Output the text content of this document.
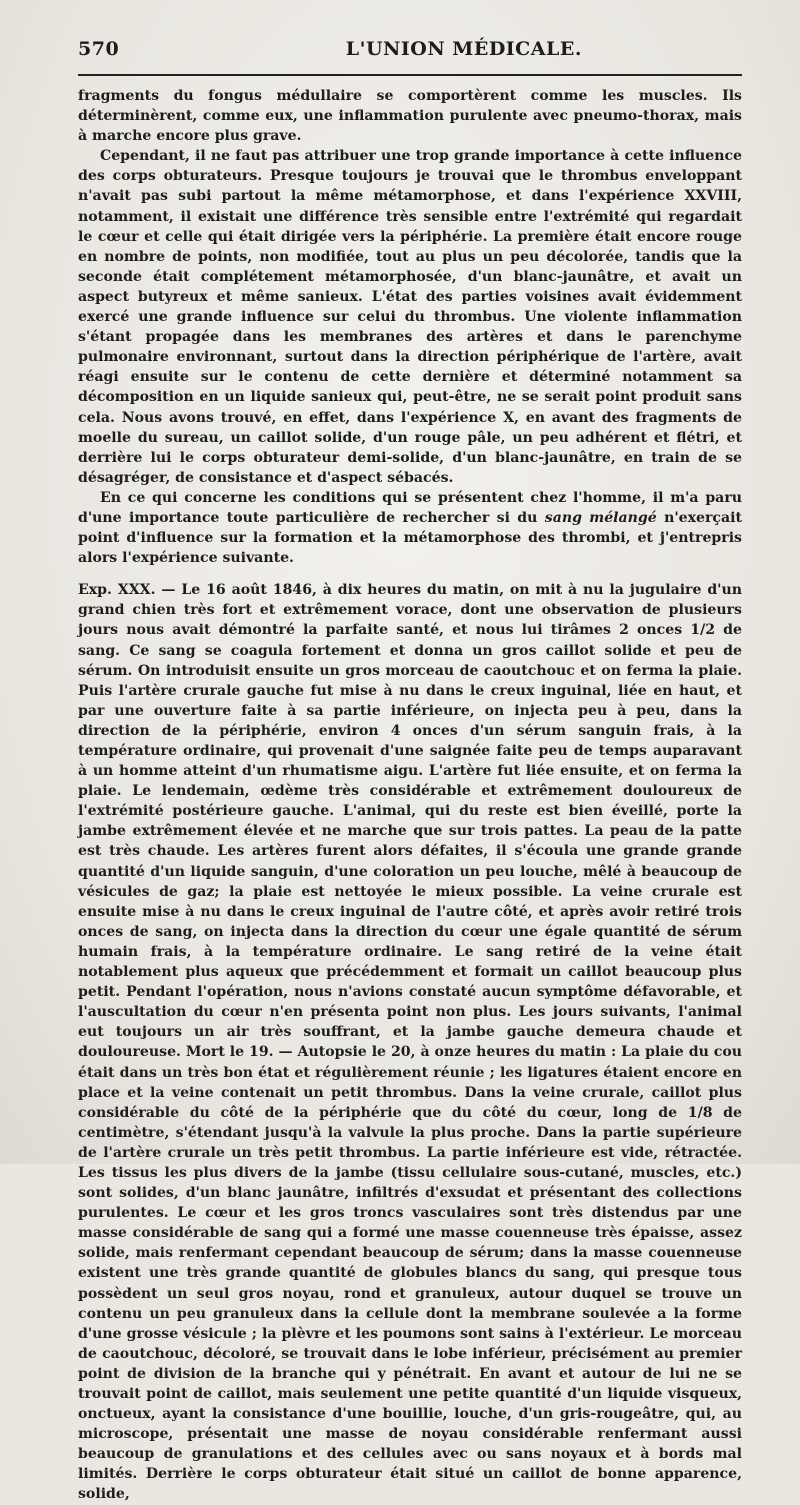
570	L'UNION MÉDICALE.

fragments du fongus médullaire se comportèrent comme les muscles. Ils déterminèrent, comme eux, une inflammation purulente avec pneumo-thorax, mais à marche encore plus grave.

Cependant, il ne faut pas attribuer une trop grande importance à cette influence des corps obturateurs. Presque toujours je trouvai que le thrombus enveloppant n'avait pas subi partout la même métamorphose, et dans l'expérience XXVIII, notamment, il existait une différence très sensible entre l'extrémité qui regardait le cœur et celle qui était dirigée vers la périphérie. La première était encore rouge en nombre de points, non modifiée, tout au plus un peu décolorée, tandis que la seconde était complétement métamorphosée, d'un blanc-jaunâtre, et avait un aspect butyreux et même sanieux. L'état des parties voisines avait évidemment exercé une grande influence sur celui du thrombus. Une violente inflammation s'étant propagée dans les membranes des artères et dans le parenchyme pulmonaire environnant, surtout dans la direction périphérique de l'artère, avait réagi ensuite sur le contenu de cette dernière et déterminé notamment sa décomposition en un liquide sanieux qui, peut-être, ne se serait point produit sans cela. Nous avons trouvé, en effet, dans l'expérience X, en avant des fragments de moelle du sureau, un caillot solide, d'un rouge pâle, un peu adhérent et flétri, et derrière lui le corps obturateur demi-solide, d'un blanc-jaunâtre, en train de se désagréger, de consistance et d'aspect sébacés.

En ce qui concerne les conditions qui se présentent chez l'homme, il m'a paru d'une importance toute particulière de rechercher si du sang mélangé n'exerçait point d'influence sur la formation et la métamorphose des thrombi, et j'entrepris alors l'expérience suivante.

Exp. XXX. — Le 16 août 1846, à dix heures du matin, on mit à nu la jugulaire d'un grand chien très fort et extrêmement vorace, dont une observation de plusieurs jours nous avait démontré la parfaite santé, et nous lui tirâmes 2 onces 1/2 de sang. Ce sang se coagula fortement et donna un gros caillot solide et peu de sérum. On introduisit ensuite un gros morceau de caoutchouc et on ferma la plaie. Puis l'artère crurale gauche fut mise à nu dans le creux inguinal, liée en haut, et par une ouverture faite à sa partie inférieure, on injecta peu à peu, dans la direction de la périphérie, environ 4 onces d'un sérum sanguin frais, à la température ordinaire, qui provenait d'une saignée faite peu de temps auparavant à un homme atteint d'un rhumatisme aigu. L'artère fut liée ensuite, et on ferma la plaie. Le lendemain, œdème très considérable et extrêmement douloureux de l'extrémité postérieure gauche. L'animal, qui du reste est bien éveillé, porte la jambe extrêmement élevée et ne marche que sur trois pattes. La peau de la patte est très chaude. Les artères furent alors défaites, il s'écoula une grande grande quantité d'un liquide sanguin, d'une coloration un peu louche, mêlé à beaucoup de vésicules de gaz; la plaie est nettoyée le mieux possible. La veine crurale est ensuite mise à nu dans le creux inguinal de l'autre côté, et après avoir retiré trois onces de sang, on injecta dans la direction du cœur une égale quantité de sérum humain frais, à la température ordinaire. Le sang retiré de la veine était notablement plus aqueux que précédemment et formait un caillot beaucoup plus petit. Pendant l'opération, nous n'avions constaté aucun symptôme défavorable, et l'auscultation du cœur n'en présenta point non plus. Les jours suivants, l'animal eut toujours un air très souffrant, et la jambe gauche demeura chaude et douloureuse. Mort le 19. — Autopsie le 20, à onze heures du matin : La plaie du cou était dans un très bon état et régulièrement réunie ; les ligatures étaient encore en place et la veine contenait un petit thrombus. Dans la veine crurale, caillot plus considérable du côté de la périphérie que du côté du cœur, long de 1/8 de centimètre, s'étendant jusqu'à la valvule la plus proche. Dans la partie supérieure de l'artère crurale un très petit thrombus. La partie inférieure est vide, rétractée. Les tissus les plus divers de la jambe (tissu cellulaire sous-cutané, muscles, etc.) sont solides, d'un blanc jaunâtre, infiltrés d'exsudat et présentant des collections purulentes. Le cœur et les gros troncs vasculaires sont très distendus par une masse considérable de sang qui a formé une masse couenneuse très épaisse, assez solide, mais renfermant cependant beaucoup de sérum; dans la masse couenneuse existent une très grande quantité de globules blancs du sang, qui presque tous possèdent un seul gros noyau, rond et granuleux, autour duquel se trouve un contenu un peu granuleux dans la cellule dont la membrane soulevée a la forme d'une grosse vésicule ; la plèvre et les poumons sont sains à l'extérieur. Le morceau de caoutchouc, décoloré, se trouvait dans le lobe inférieur, précisément au premier point de division de la branche qui y pénétrait. En avant et autour de lui ne se trouvait point de caillot, mais seulement une petite quantité d'un liquide visqueux, onctueux, ayant la consistance d'une bouillie, louche, d'un gris-rougeâtre, qui, au microscope, présentait une masse de noyau considérable renfermant aussi beaucoup de granulations et des cellules avec ou sans noyaux et à bords mal limités. Derrière le corps obturateur était situé un caillot de bonne apparence, solide,
